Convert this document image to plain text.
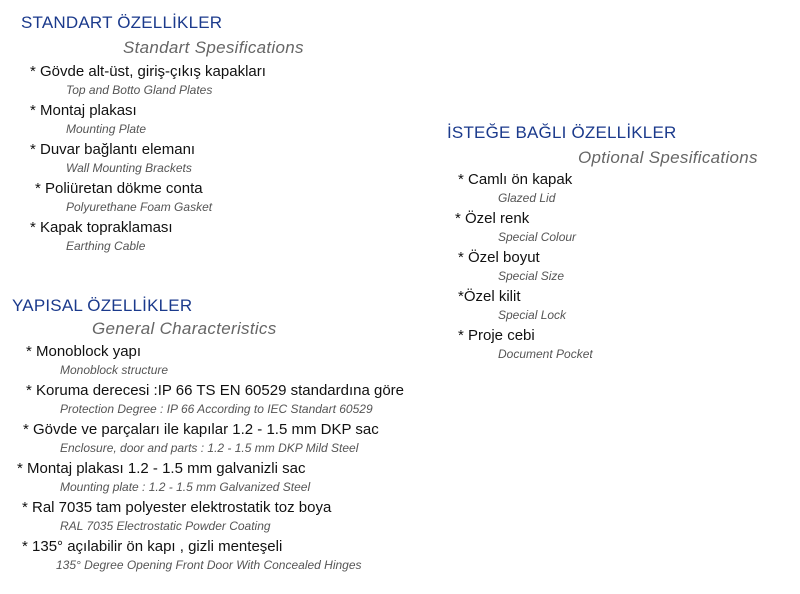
STANDART ÖZELLİKLER
Standart Spesifications
* Gövde alt-üst, giriş-çıkış kapakları
Top and Botto Gland Plates
* Montaj plakası
Mounting Plate
* Duvar bağlantı elemanı
Wall Mounting Brackets
* Poliüretan dökme conta
Polyurethane Foam Gasket
* Kapak topraklaması
Earthing Cable
İSTEĞE BAĞLI ÖZELLİKLER
Optional Spesifications
* Camlı ön kapak
Glazed Lid
* Özel renk
Special Colour
* Özel boyut
Special Size
*Özel kilit
Special Lock
* Proje cebi
Document Pocket
YAPISAL ÖZELLİKLER
General Characteristics
* Monoblock yapı
Monoblock structure
* Koruma derecesi :IP 66 TS EN 60529 standardına göre
Protection Degree : IP 66 According to IEC Standart 60529
* Gövde ve parçaları ile kapılar 1.2 - 1.5 mm DKP sac
Enclosure, door and parts : 1.2 - 1.5 mm DKP Mild Steel
* Montaj plakası 1.2 - 1.5 mm galvanizli sac
Mounting plate : 1.2 - 1.5 mm Galvanized Steel
* Ral 7035 tam polyester elektrostatik toz boya
RAL 7035 Electrostatic Powder Coating
* 135° açılabilir ön kapı , gizli menteşeli
135° Degree Opening Front Door With Concealed Hinges
